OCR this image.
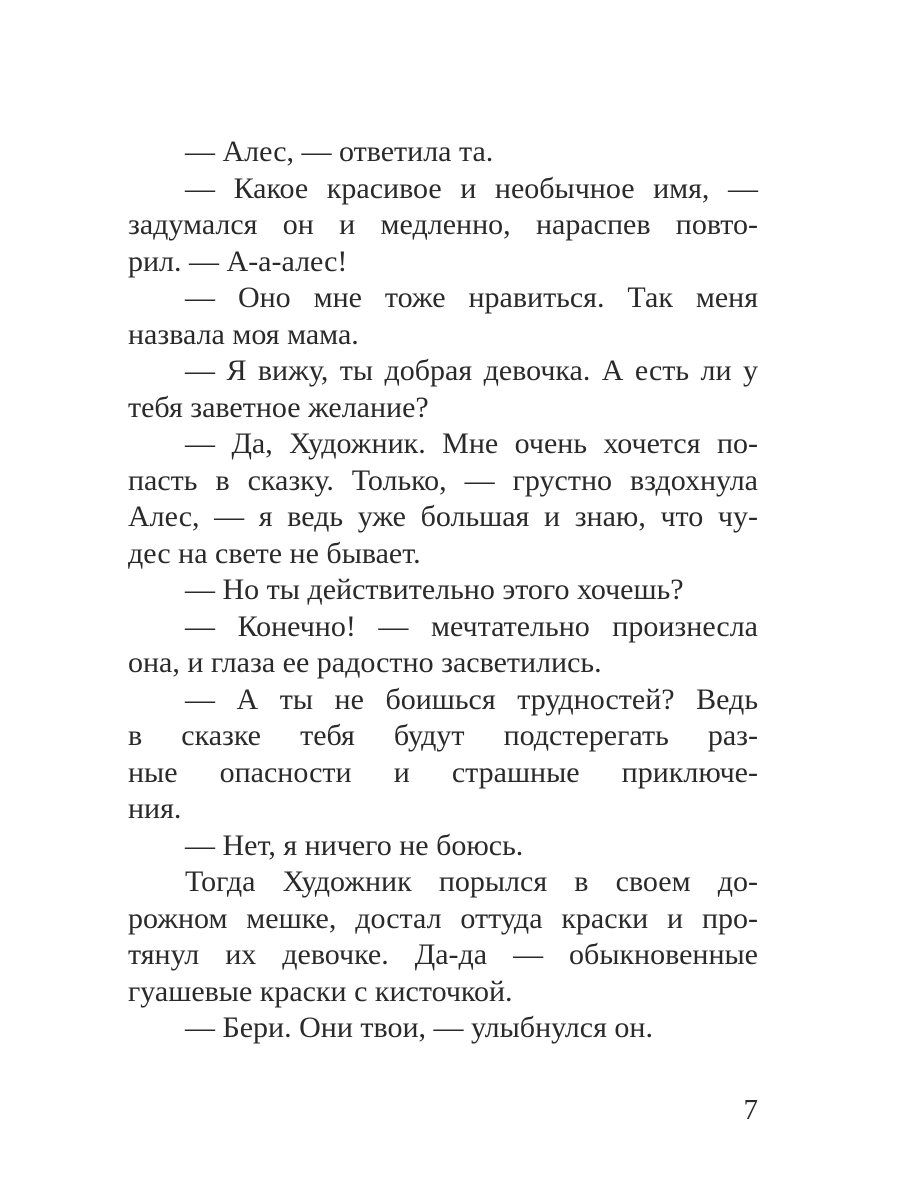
— Алес, — ответила та.
— Какое красивое и необычное имя, —
задумался он и медленно, нараспев повто-
рил. — А-а-алес!
— Оно мне тоже нравиться. Так меня
назвала моя мама.
— Я вижу, ты добрая девочка. А есть ли у
тебя заветное желание?
— Да, Художник. Мне очень хочется по-
пасть в сказку. Только, — грустно вздохнула
Алес, — я ведь уже большая и знаю, что чу-
дес на свете не бывает.
— Но ты действительно этого хочешь?
— Конечно! — мечтательно произнесла
она, и глаза ее радостно засветились.
— А ты не боишься трудностей? Ведь
в сказке тебя будут подстерегать раз-
ные опасности и страшные приключе-
ния.
— Нет, я ничего не боюсь.
Тогда Художник порылся в своем до-
рожном мешке, достал оттуда краски и про-
тянул их девочке. Да-да — обыкновенные
гуашевые краски с кисточкой.
— Бери. Они твои, — улыбнулся он.
7
